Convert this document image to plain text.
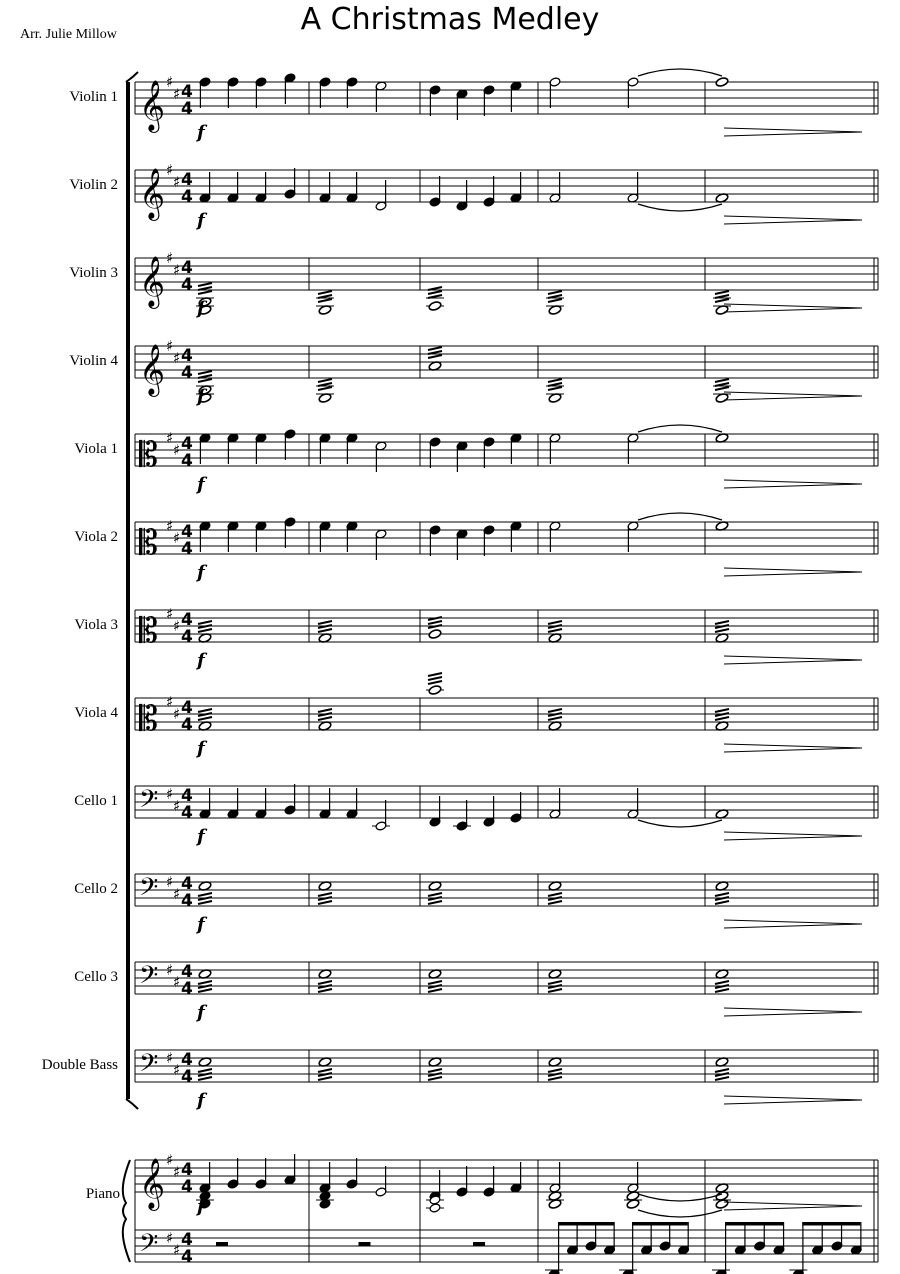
A Christmas Medley
Arr. Julie Millow
Violin 1
Violin 2
Violin 3
Violin 4
Viola 1
Viola 2
Viola 3
Viola 4
Cello 1
Cello 2
Cello 3
Double Bass
Piano
𝄞 ♯
♯ 4
4
f
𝄞 ♯
♯ 4
4
f
𝄞 ♯
♯ 4
4
f
𝄞 ♯
♯ 4
4
f
𝄡 ♯
♯ 4
4
f
𝄡 ♯
♯ 4
4
f
𝄡 ♯
♯ 4
4
f
𝄡 ♯
♯ 4
4
f
𝄢 ♯
♯ 4
4
f
𝄢 ♯
♯ 4
4
f
𝄢 ♯
♯ 4
4
f
𝄢 ♯
♯ 4
4
f
𝄞 ♯
♯ 4
4
𝄢 ♯
♯ 4
4
f
